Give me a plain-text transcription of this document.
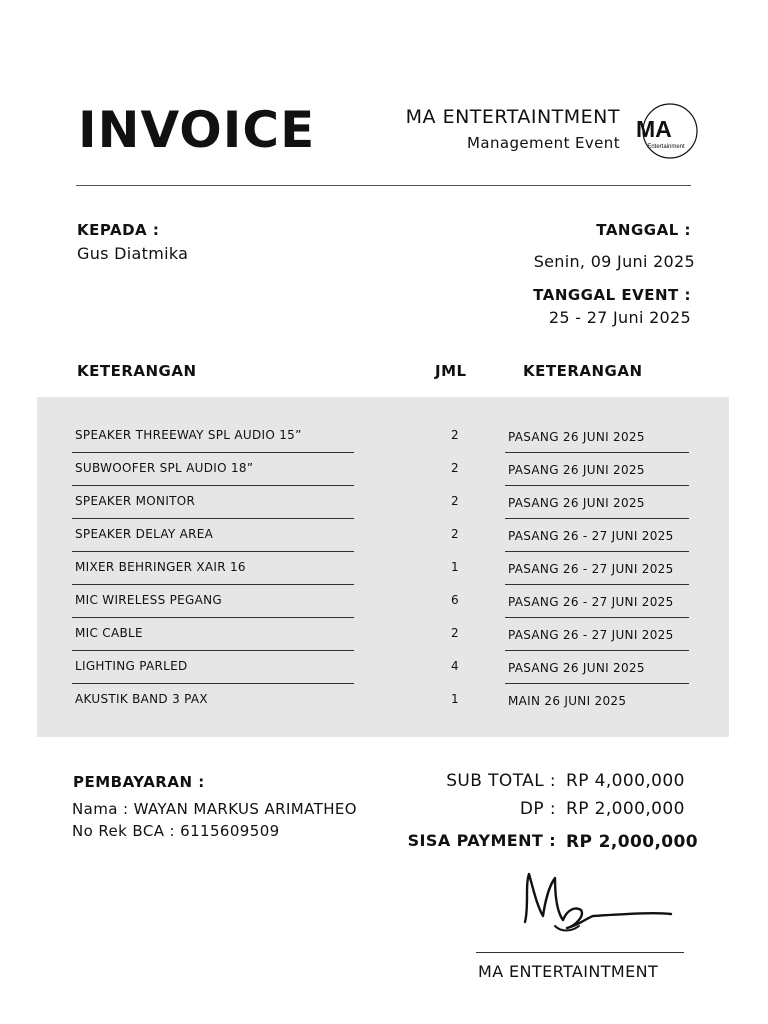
INVOICE	MA ENTERTAINTMENT
Management Event
MA
Entertainment
KEPADA :
Gus Diatmika
TANGGAL :
Senin, 09 Juni 2025
TANGGAL EVENT :
25 - 27 Juni 2025
KETERANGAN	JML	KETERANGAN
SPEAKER THREEWAY SPL AUDIO 15”	2	PASANG 26 JUNI 2025
SUBWOOFER SPL AUDIO 18”	2	PASANG 26 JUNI 2025
SPEAKER MONITOR	2	PASANG 26 JUNI 2025
SPEAKER DELAY AREA	2	PASANG 26 - 27 JUNI 2025
MIXER BEHRINGER XAIR 16	1	PASANG 26 - 27 JUNI 2025
MIC WIRELESS PEGANG	6	PASANG 26 - 27 JUNI 2025
MIC CABLE	2	PASANG 26 - 27 JUNI 2025
LIGHTING PARLED	4	PASANG 26 JUNI 2025
AKUSTIK BAND 3 PAX	1	MAIN 26 JUNI 2025
PEMBAYARAN :
Nama : WAYAN MARKUS ARIMATHEO
No Rek BCA : 6115609509
SUB TOTAL : RP 4,000,000
DP : RP 2,000,000
SISA PAYMENT : RP 2,000,000
MA ENTERTAINTMENT
